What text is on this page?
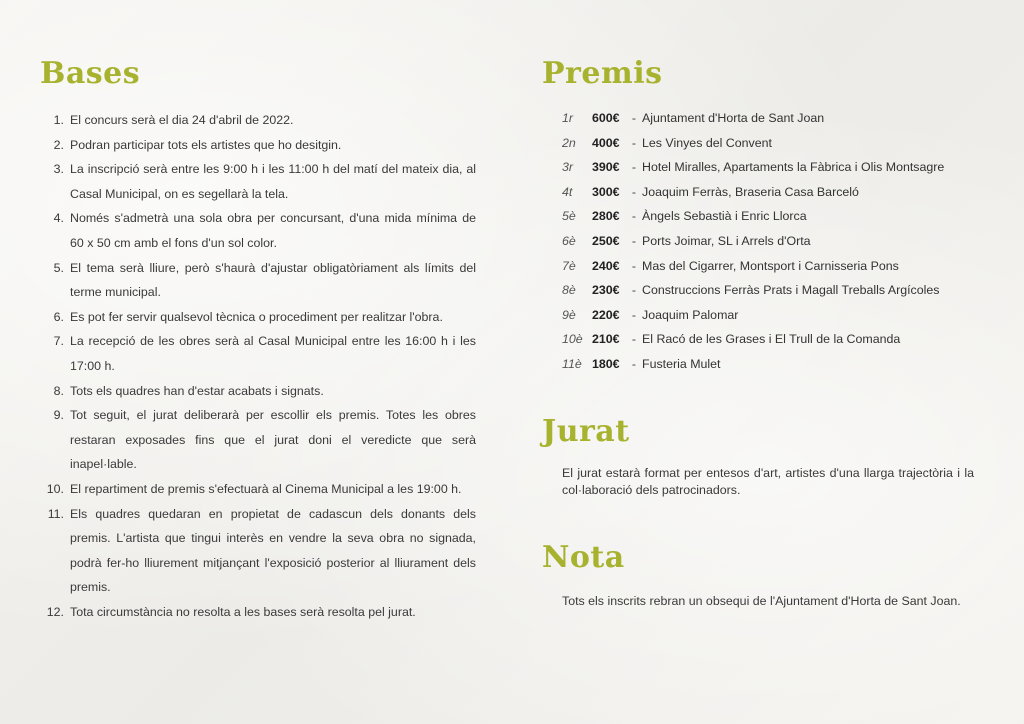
Bases
1. El concurs serà el dia 24 d'abril de 2022.
2. Podran participar tots els artistes que ho desitgin.
3. La inscripció serà entre les 9:00 h i les 11:00 h del matí del mateix dia, al Casal Municipal, on es segellarà la tela.
4. Només s'admetrà una sola obra per concursant, d'una mida mínima de 60 x 50 cm amb el fons d'un sol color.
5. El tema serà lliure, però s'haurà d'ajustar obligatòriament als límits del terme municipal.
6. Es pot fer servir qualsevol tècnica o procediment per realitzar l'obra.
7. La recepció de les obres serà al Casal Municipal entre les 16:00 h i les 17:00 h.
8. Tots els quadres han d'estar acabats i signats.
9. Tot seguit, el jurat deliberarà per escollir els premis. Totes les obres restaran exposades fins que el jurat doni el veredicte que serà inapel·lable.
10. El repartiment de premis s'efectuarà al Cinema Municipal a les 19:00 h.
11. Els quadres quedaran en propietat de cadascun dels donants dels premis. L'artista que tingui interès en vendre la seva obra no signada, podrà fer-ho lliurement mitjançant l'exposició posterior al lliurament dels premis.
12. Tota circumstància no resolta a les bases serà resolta pel jurat.
Premis
1r	600€ - Ajuntament d'Horta de Sant Joan
2n	400€ - Les Vinyes del Convent
3r	390€ - Hotel Miralles, Apartaments la Fàbrica i Olis Montsagre
4t	300€ - Joaquim Ferràs, Braseria Casa Barceló
5è	280€ - Àngels Sebastià i Enric Llorca
6è	250€ - Ports Joimar, SL i Arrels d'Orta
7è	240€ - Mas del Cigarrer, Montsport i Carnisseria Pons
8è	230€ - Construccions Ferràs Prats i Magall Treballs Argícoles
9è	220€ - Joaquim Palomar
10è 210€ - El Racó de les Grases i El Trull de la Comanda
11è 180€ - Fusteria Mulet
Jurat

El jurat estarà format per entesos d'art, artistes d'una llarga trajectòria i la col·laboració dels patrocinadors.

Nota

Tots els inscrits rebran un obsequi de l'Ajuntament d'Horta de Sant Joan.
